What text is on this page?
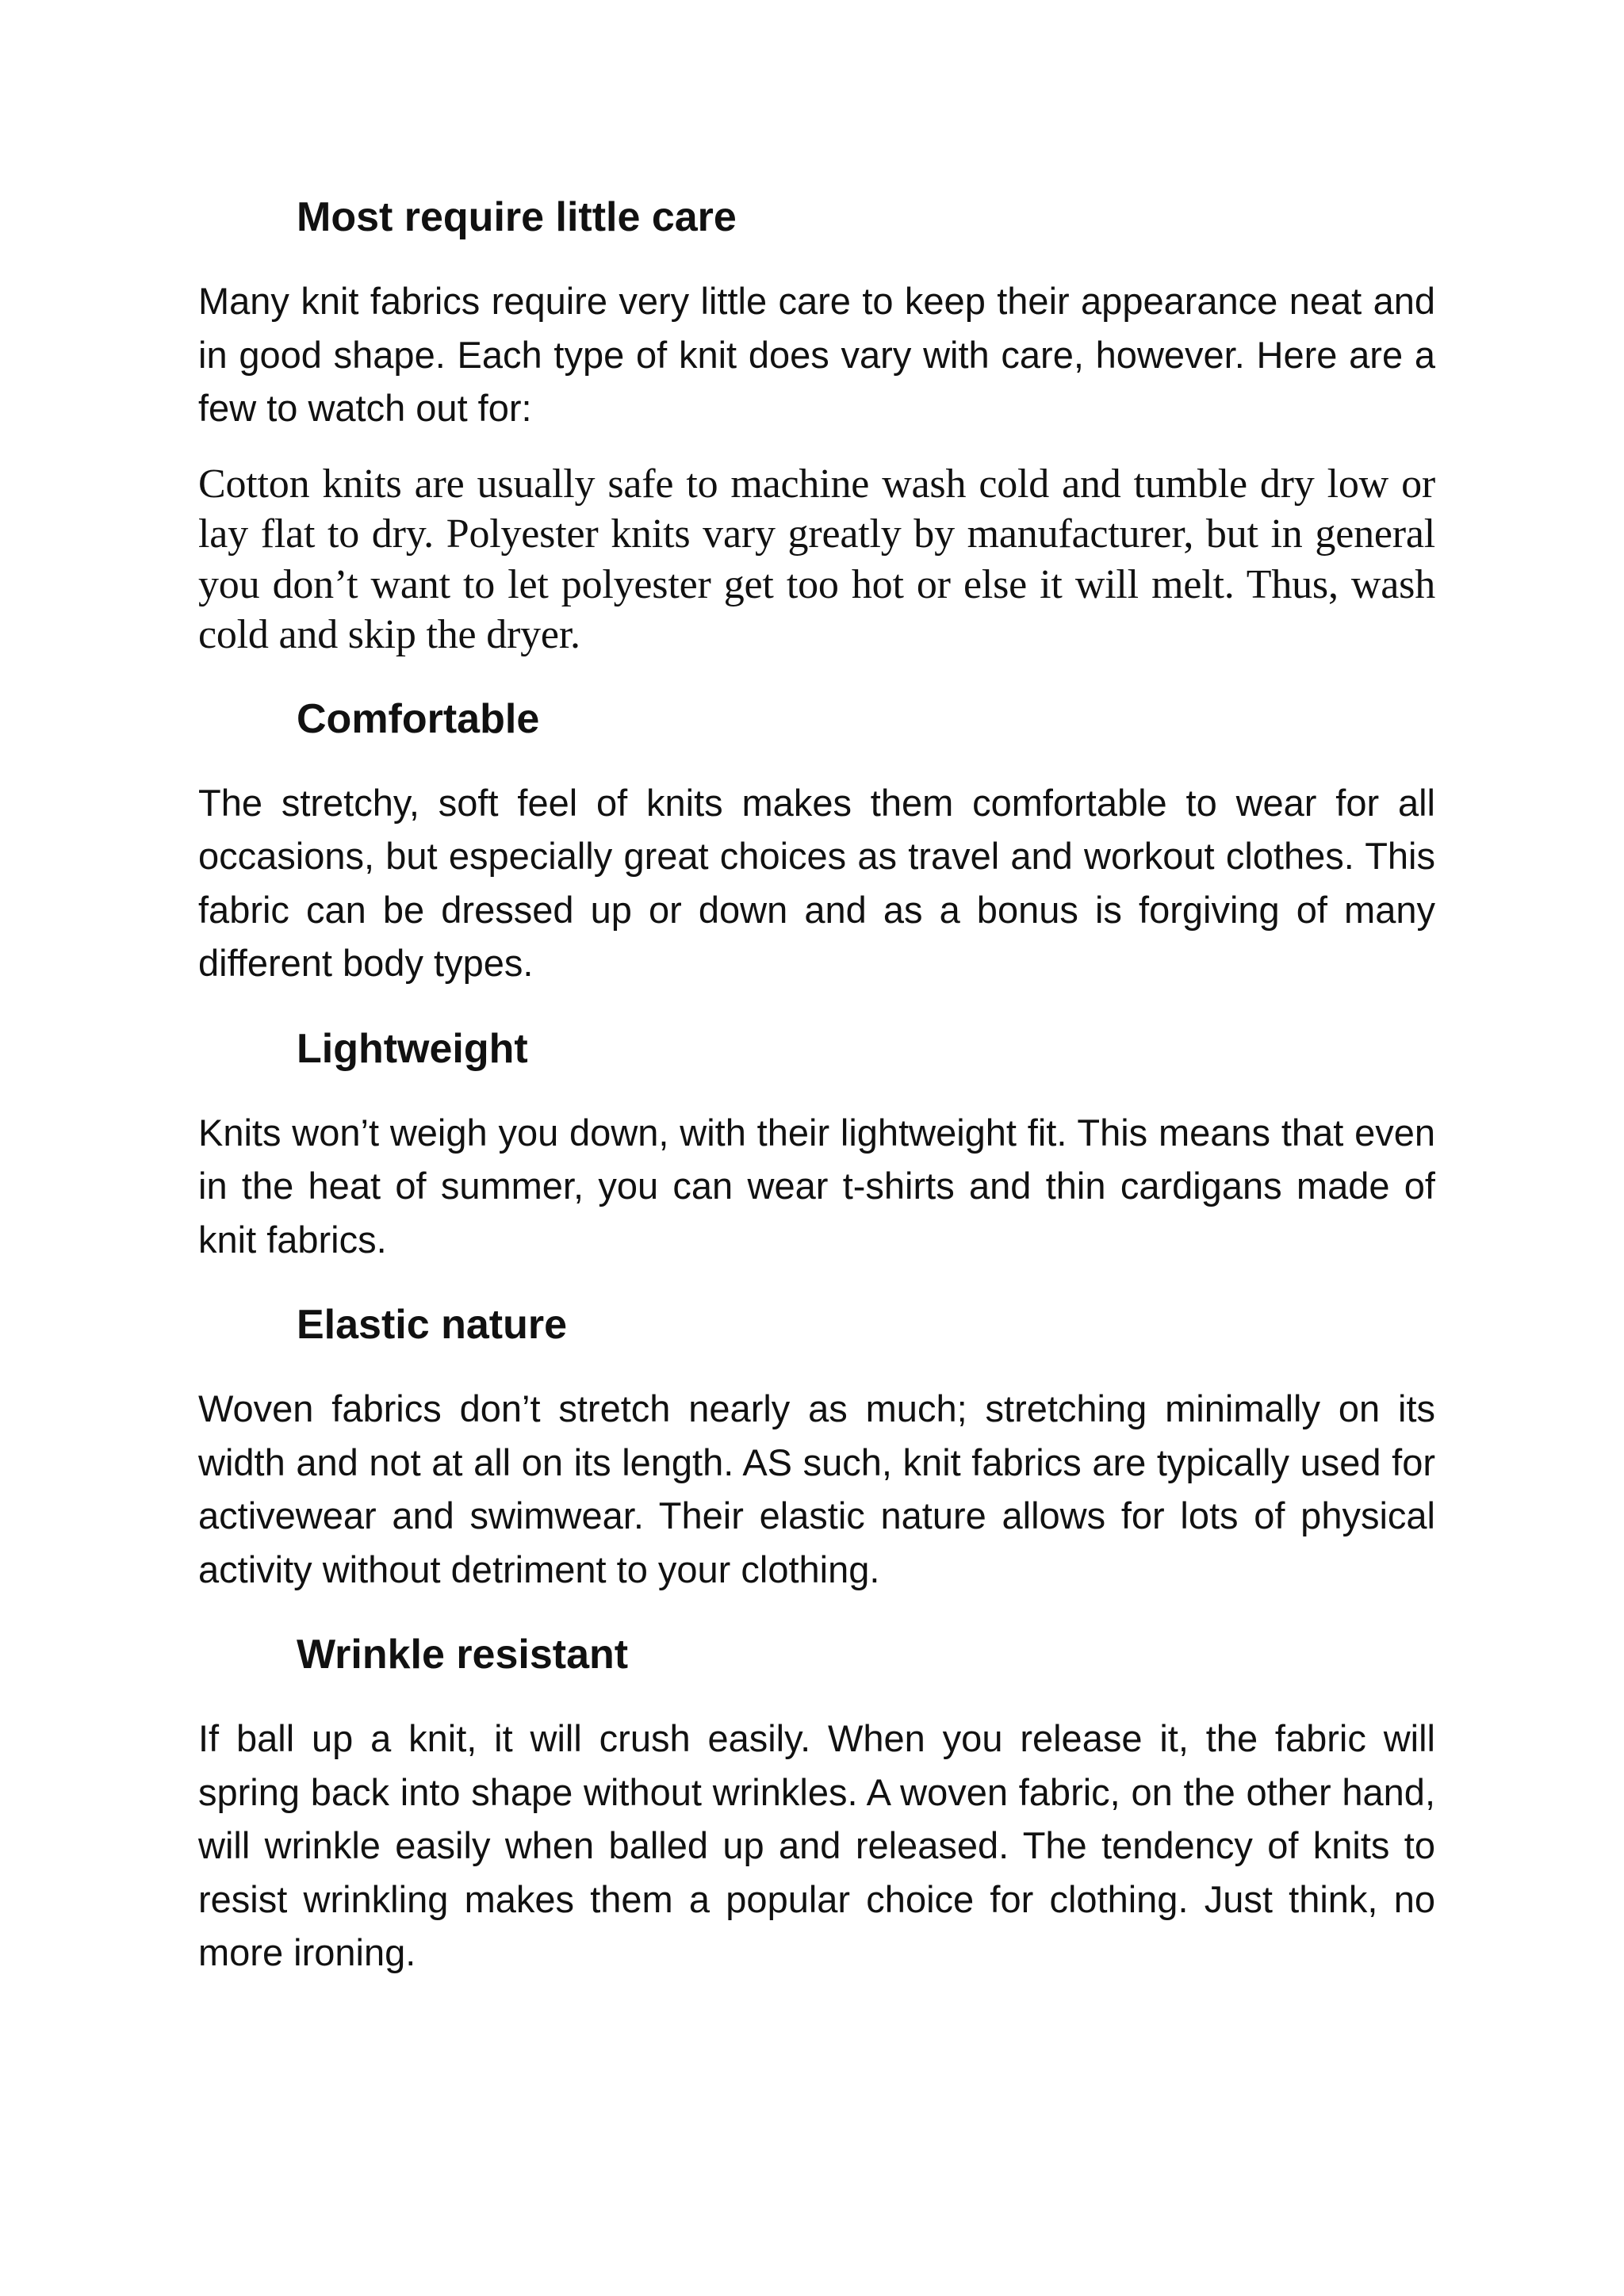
Most require little care

Many knit fabrics require very little care to keep their appearance neat and in good shape. Each type of knit does vary with care, however. Here are a few to watch out for:

Cotton knits are usually safe to machine wash cold and tumble dry low or lay flat to dry. Polyester knits vary greatly by manufacturer, but in general you don’t want to let polyester get too hot or else it will melt. Thus, wash cold and skip the dryer.

Comfortable

The stretchy, soft feel of knits makes them comfortable to wear for all occasions, but especially great choices as travel and workout clothes. This fabric can be dressed up or down and as a bonus is forgiving of many different body types.

Lightweight

Knits won’t weigh you down, with their lightweight fit. This means that even in the heat of summer, you can wear t-shirts and thin cardigans made of knit fabrics.

Elastic nature

Woven fabrics don’t stretch nearly as much; stretching minimally on its width and not at all on its length. AS such, knit fabrics are typically used for activewear and swimwear. Their elastic nature allows for lots of physical activity without detriment to your clothing.

Wrinkle resistant

If ball up a knit, it will crush easily. When you release it, the fabric will spring back into shape without wrinkles. A woven fabric, on the other hand, will wrinkle easily when balled up and released. The tendency of knits to resist wrinkling makes them a popular choice for clothing. Just think, no more ironing.
